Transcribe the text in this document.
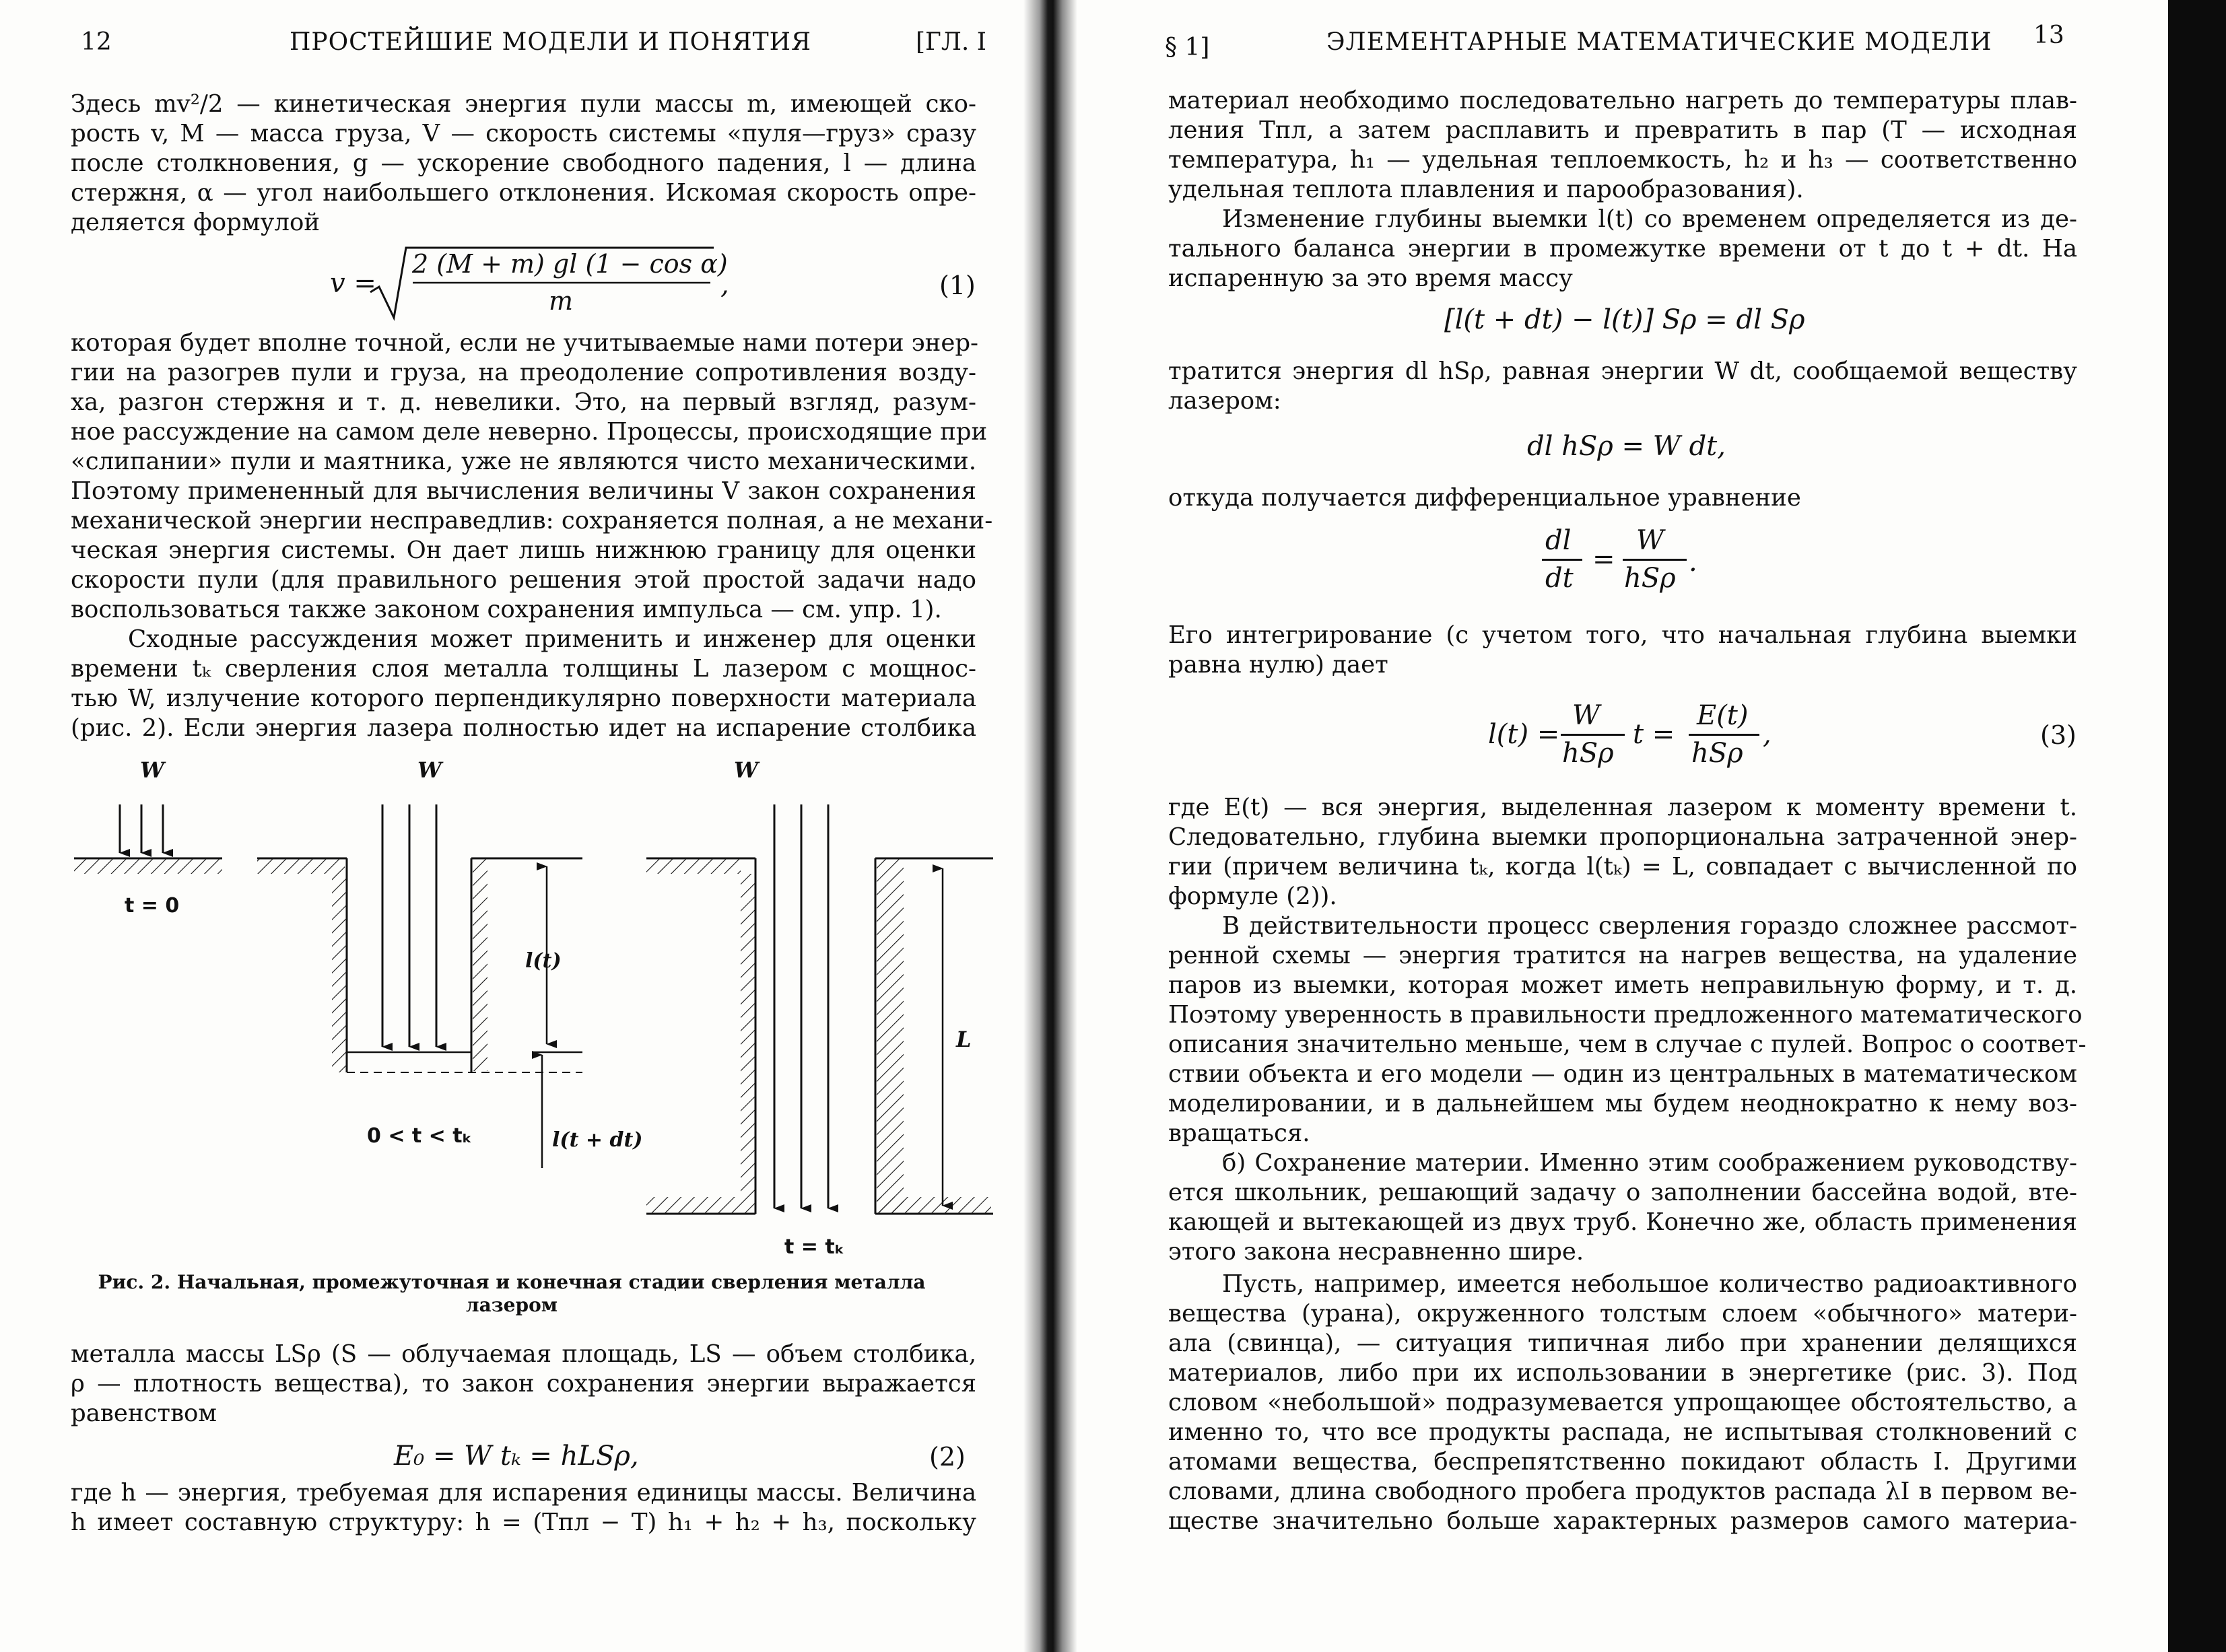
12	ПРОСТЕЙШИЕ МОДЕЛИ И ПОНЯТИЯ	[ГЛ. I
Здесь mv²/2 — кинетическая энергия пули массы m, имеющей ско-
рость v, M — масса груза, V — скорость системы «пуля—груз» сразу
после столкновения, g — ускорение свободного падения, l — длина
стержня, α — угол наибольшего отклонения. Искомая скорость опре-
деляется формулой
v =
2 (M + m) gl (1 − cos α)
m
,	(1)
которая будет вполне точной, если не учитываемые нами потери энер-
гии на разогрев пули и груза, на преодоление сопротивления возду-
ха, разгон стержня и т. д. невелики. Это, на первый взгляд, разум-
ное рассуждение на самом деле неверно. Процессы, происходящие при
«слипании» пули и маятника, уже не являются чисто механическими.
Поэтому примененный для вычисления величины V закон сохранения
механической энергии несправедлив: сохраняется полная, а не механи-
ческая энергия системы. Он дает лишь нижнюю границу для оценки
скорости пули (для правильного решения этой простой задачи надо
воспользоваться также законом сохранения импульса — см. упр. 1).
Сходные рассуждения может применить и инженер для оценки
времени tₖ сверления слоя металла толщины L лазером с мощнос-
тью W, излучение которого перпендикулярно поверхности материала
(рис. 2). Если энергия лазера полностью идет на испарение столбика
W
t = 0
W
l(t)
l(t + dt)
0 < t < tₖ
W
L
t = tₖ
Рис. 2. Начальная, промежуточная и конечная стадии сверления металла
лазером
металла массы LSρ (S — облучаемая площадь, LS — объем столбика,
ρ — плотность вещества), то закон сохранения энергии выражается
равенством
E₀ = W tₖ = hLSρ,	(2)
где h — энергия, требуемая для испарения единицы массы. Величина
h имеет составную структуру: h = (Tпл − T) h₁ + h₂ + h₃, поскольку
§ 1]	ЭЛЕМЕНТАРНЫЕ МАТЕМАТИЧЕСКИЕ МОДЕЛИ 13
материал необходимо последовательно нагреть до температуры плав-
ления Tпл, а затем расплавить и превратить в пар (T — исходная
температура, h₁ — удельная теплоемкость, h₂ и h₃ — соответственно
удельная теплота плавления и парообразования).
Изменение глубины выемки l(t) со временем определяется из де-
тального баланса энергии в промежутке времени от t до t + dt. На
испаренную за это время массу
[l(t + dt) − l(t)] Sρ = dl Sρ
тратится энергия dl hSρ, равная энергии W dt, сообщаемой веществу
лазером:
dl hSρ = W dt,
откуда получается дифференциальное уравнение
dl
dt
=
W
hSρ
.
Его интегрирование (с учетом того, что начальная глубина выемки
равна нулю) дает
l(t) =
W
hSρ
t =
E(t)
hSρ
,	(3)
где E(t) — вся энергия, выделенная лазером к моменту времени t.
Следовательно, глубина выемки пропорциональна затраченной энер-
гии (причем величина tₖ, когда l(tₖ) = L, совпадает с вычисленной по
формуле (2)).
В действительности процесс сверления гораздо сложнее рассмот-
ренной схемы — энергия тратится на нагрев вещества, на удаление
паров из выемки, которая может иметь неправильную форму, и т. д.
Поэтому уверенность в правильности предложенного математического
описания значительно меньше, чем в случае с пулей. Вопрос о соответ-
ствии объекта и его модели — один из центральных в математическом
моделировании, и в дальнейшем мы будем неоднократно к нему воз-
вращаться.
б) Сохранение материи. Именно этим соображением руководству-
ется школьник, решающий задачу о заполнении бассейна водой, вте-
кающей и вытекающей из двух труб. Конечно же, область применения
этого закона несравненно шире.
Пусть, например, имеется небольшое количество радиоактивного
вещества (урана), окруженного толстым слоем «обычного» матери-
ала (свинца), — ситуация типичная либо при хранении делящихся
материалов, либо при их использовании в энергетике (рис. 3). Под
словом «небольшой» подразумевается упрощающее обстоятельство, а
именно то, что все продукты распада, не испытывая столкновений с
атомами вещества, беспрепятственно покидают область I. Другими
словами, длина свободного пробега продуктов распада λI в первом ве-
ществе значительно больше характерных размеров самого материа-
